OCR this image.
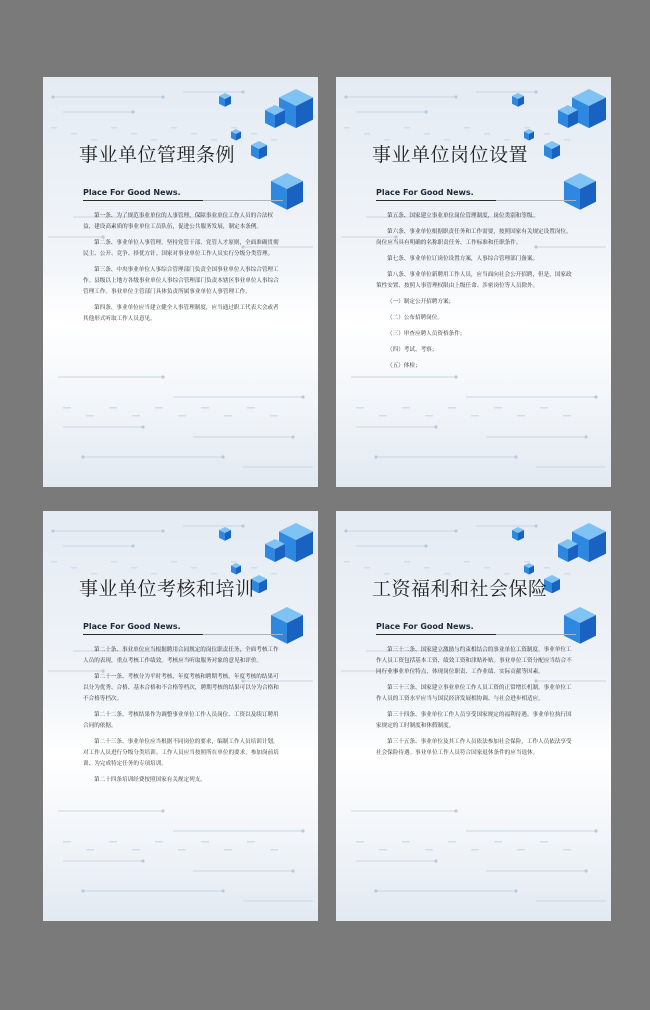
事业单位管理条例
Place For Good News.

第一条、为了规范事业单位的人事管理，保障事业单位工作人员的合法权益，建设高素质的事业单位工员队伍，促进公共服务发展，制定本条例。

第二条、事业单位人事管理，坚持党管干部、党管人才原则，全面准确贯彻民主、公开、竞争、择优方针。国家对事业单位工作人员实行分级分类管理。

第三条、中央事业单位人事综合管理部门负责全国事业单位人事综合管理工作。县级以上地方各级事业单位人事综合管理部门负责本辖区事业单位人事综合管理工作。事业单位主管部门具体负责所属事业单位人事管理工作。

第四条、事业单位应当建立健全人事管理制度，应当通过职工代表大会或者其他形式听取工作人员意见。

事业单位岗位设置
Place For Good News.

第五条、国家建立事业单位岗位管理制度，岗位类别和等级。

第六条、事业单位根据职责任务和工作需要，按照国家有关规定设置岗位。岗位应当具有明确的名称职责任务、工作标准和任职条件。

第七条、事业单位订岗位设置方案，人事综合管理部门备案。

第八条、事业单位新聘用工作人员，应当面向社会公开招聘，但是，国家政策性安置、按照人事管理权限由上级任命、涉密岗位等人员除外。

（一）制定公开招聘方案；

（二）公布招聘岗位。

（三）审查应聘人员资格条件；

（四）考试、考察；

（五）体检；

事业单位考核和培训
Place For Good News.

第二十条、事业单位应当根据聘用合同规定的岗位职责任务，全面考核工作人员的表现，重点考核工作绩效。考核应当听取服务对象的意见和评价。

第二十一条、考核分为平时考核、年度考核和聘期考核。年度考核的结果可以分为优秀、合格、基本合格和不合格等档次，聘期考核的结果可以分为合格和不合格等档次。

第二十二条、考核结果作为调整事业单位工作人员岗位、工资以及续订聘用合同的依据。

第二十三条、事业单位应当根据不同岗位的要求，编制工作人员培训计划，对工作人员进行分级分类培训。工作人员应当按照所在单位的要求，参加岗前培训、为完成特定任务的专项培训。

第二十四条培训经费按照国家有关规定列支。

工资福利和社会保险
Place For Good News.

第三十二条、国家建立激励与约束相结合的事业单位工资制度。事业单位工作人员工资包括基本工资、绩效工资和津贴补贴。事业单位工资分配应当结合不同行业事业单位特点，体现岗位职责、工作业绩、实际贡献等因素。

第三十三条、国家建立事业单位工作人员工资的正常增长机制。事业单位工作人员的工资水平应当与国民经济发展相协调、与社会进步相适应。

第三十四条、事业单位工作人员享受国家规定的福利待遇。事业单位执行国家规定的工时制度和休假制度。

第三十五条、事业单位及其工作人员依法参加社会保险，工作人员依法享受社会保险待遇。事业单位工作人员符合国家退休条件的应当退休。
